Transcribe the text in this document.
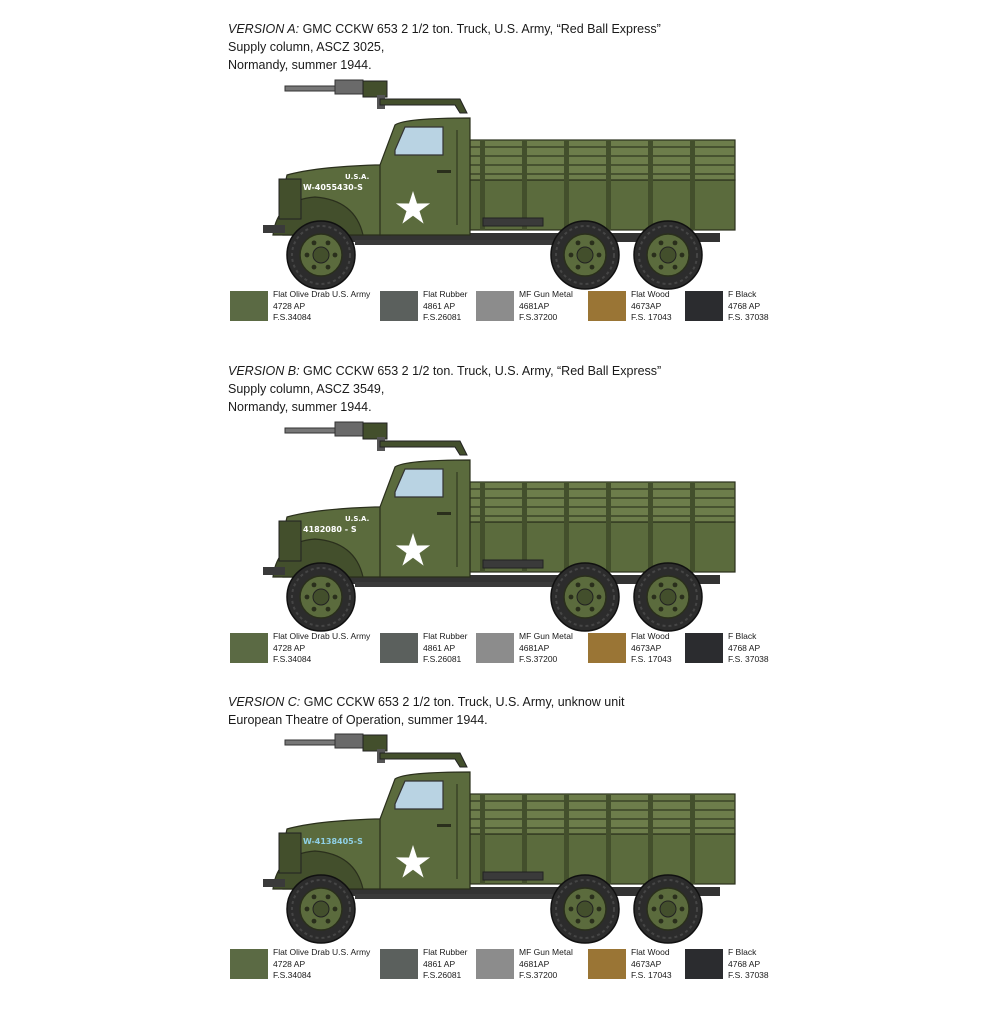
VERSION A: GMC CCKW 653 2 1/2 ton. Truck, U.S. Army, “Red Ball Express”
Supply column, ASCZ 3025,
Normandy, summer 1944.
U.S.A.
W-4055430-S
Flat Olive Drab U.S. Army
4728 AP
F.S.34084
Flat Rubber
4861 AP
F.S.26081
MF Gun Metal
4681AP
F.S.37200
Flat Wood
4673AP
F.S. 17043
F Black
4768 AP
F.S. 37038
VERSION B: GMC CCKW 653 2 1/2 ton. Truck, U.S. Army, “Red Ball Express”
Supply column, ASCZ 3549,
Normandy, summer 1944.
U.S.A.
4182080 - S
Flat Olive Drab U.S. Army
4728 AP
F.S.34084
Flat Rubber
4861 AP
F.S.26081
MF Gun Metal
4681AP
F.S.37200
Flat Wood
4673AP
F.S. 17043
F Black
4768 AP
F.S. 37038
VERSION C: GMC CCKW 653 2 1/2 ton. Truck, U.S. Army, unknow unit
European Theatre of Operation, summer 1944.
W-4138405-S
Flat Olive Drab U.S. Army
4728 AP
F.S.34084
Flat Rubber
4861 AP
F.S.26081
MF Gun Metal
4681AP
F.S.37200
Flat Wood
4673AP
F.S. 17043
F Black
4768 AP
F.S. 37038
